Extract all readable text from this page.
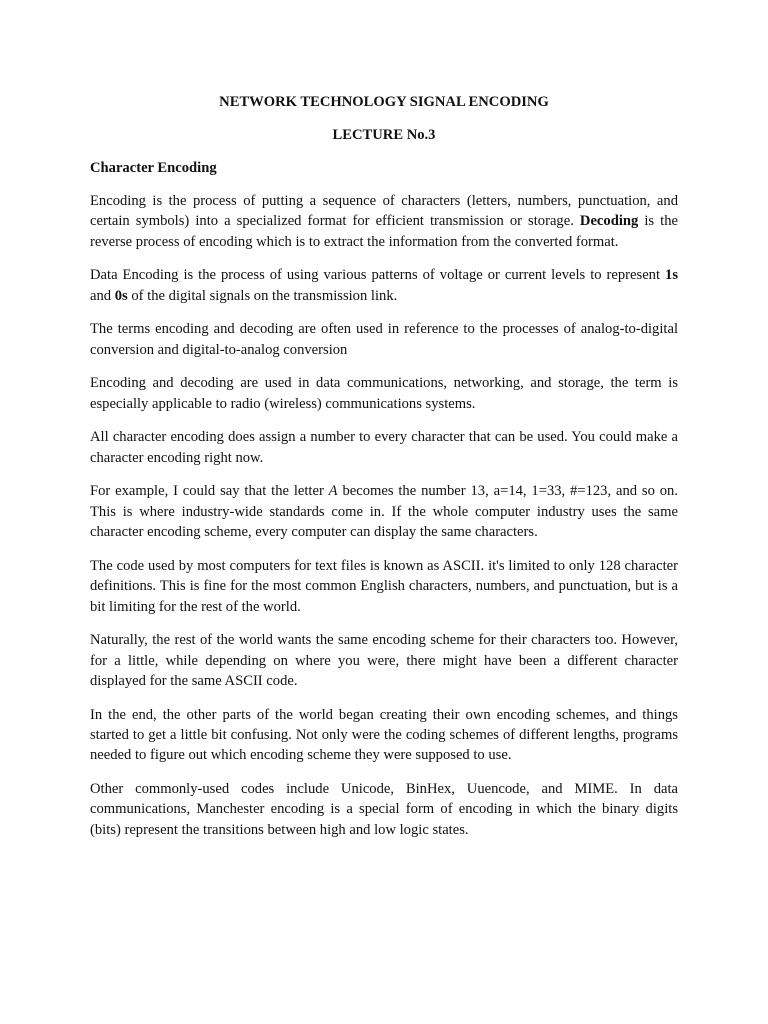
NETWORK TECHNOLOGY SIGNAL ENCODING
LECTURE No.3
Character Encoding

Encoding is the process of putting a sequence of characters (letters, numbers, punctuation, and certain symbols) into a specialized format for efficient transmission or storage. Decoding is the reverse process of encoding which is to extract the information from the converted format.

Data Encoding is the process of using various patterns of voltage or current levels to represent 1s and 0s of the digital signals on the transmission link.

The terms encoding and decoding are often used in reference to the processes of analog-to-digital conversion and digital-to-analog conversion

Encoding and decoding are used in data communications, networking, and storage, the term is especially applicable to radio (wireless) communications systems.

All character encoding does assign a number to every character that can be used. You could make a character encoding right now.

For example, I could say that the letter A becomes the number 13, a=14, 1=33, #=123, and so on. This is where industry-wide standards come in. If the whole computer industry uses the same character encoding scheme, every computer can display the same characters.

The code used by most computers for text files is known as ASCII. it's limited to only 128 character definitions. This is fine for the most common English characters, numbers, and punctuation, but is a bit limiting for the rest of the world.

Naturally, the rest of the world wants the same encoding scheme for their characters too. However, for a little, while depending on where you were, there might have been a different character displayed for the same ASCII code.

In the end, the other parts of the world began creating their own encoding schemes, and things started to get a little bit confusing. Not only were the coding schemes of different lengths, programs needed to figure out which encoding scheme they were supposed to use.

Other commonly-used codes include Unicode, BinHex, Uuencode, and MIME. In data communications, Manchester encoding is a special form of encoding in which the binary digits (bits) represent the transitions between high and low logic states.
